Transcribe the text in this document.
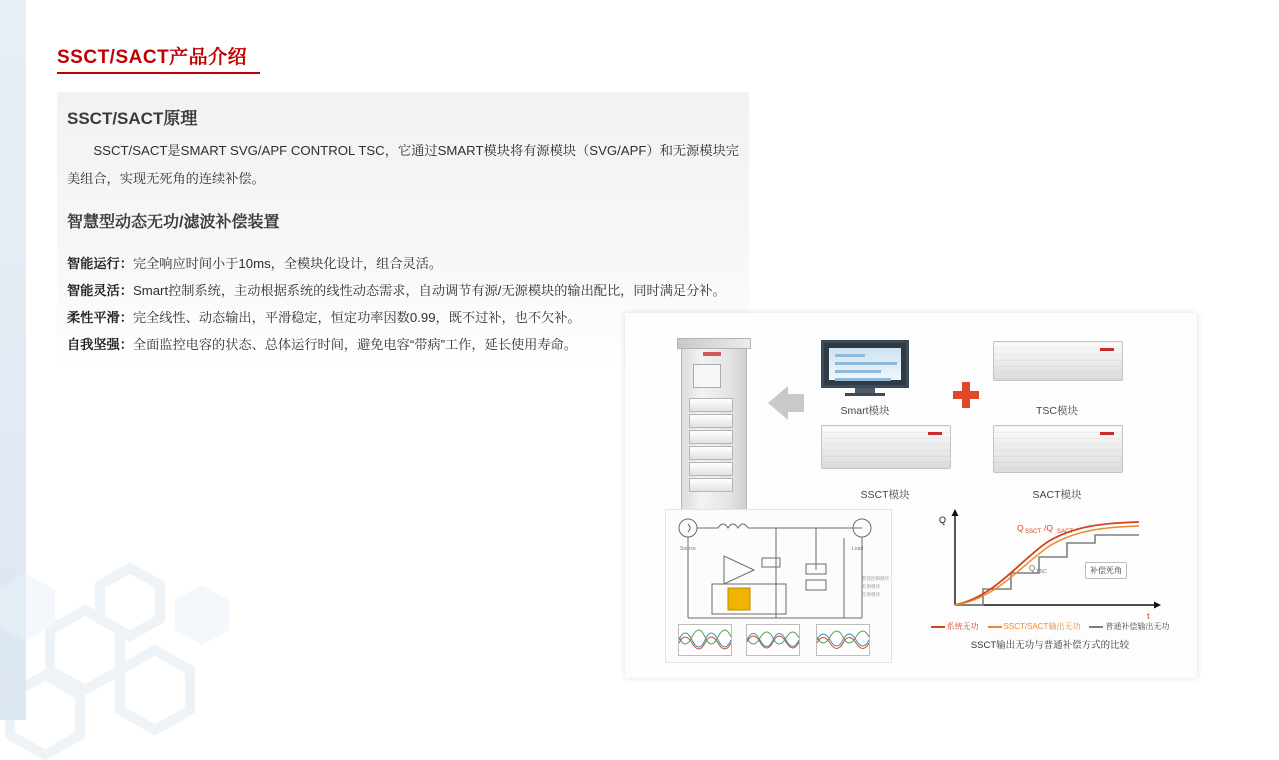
SSCT/SACT产品介绍
SSCT/SACT原理
SSCT/SACT是SMART SVG/APF CONTROL TSC，它通过SMART模块将有源模块（SVG/APF）和无源模块完美组合，实现无死角的连续补偿。
智慧型动态无功/滤波补偿装置
智能运行：完全响应时间小于10ms，全模块化设计，组合灵活。
智能灵活：Smart控制系统，主动根据系统的线性动态需求，自动调节有源/无源模块的输出配比，同时满足分补。
柔性平滑：完全线性、动态输出，平滑稳定，恒定功率因数0.99，既不过补，也不欠补。
自我坚强：全面监控电容的状态、总体运行时间，避免电容“带病”工作，延长使用寿命。
Smart模块	TSC模块
SSCT模块	SACT模块
Source	Load
智能控制模块
有源模块
无源模块
Q
t
Q SSCT /Q SACT
Q TSC	补偿死角
系统无功	SSCT/SACT输出无功	普通补偿输出无功
SSCT输出无功与普通补偿方式的比较
